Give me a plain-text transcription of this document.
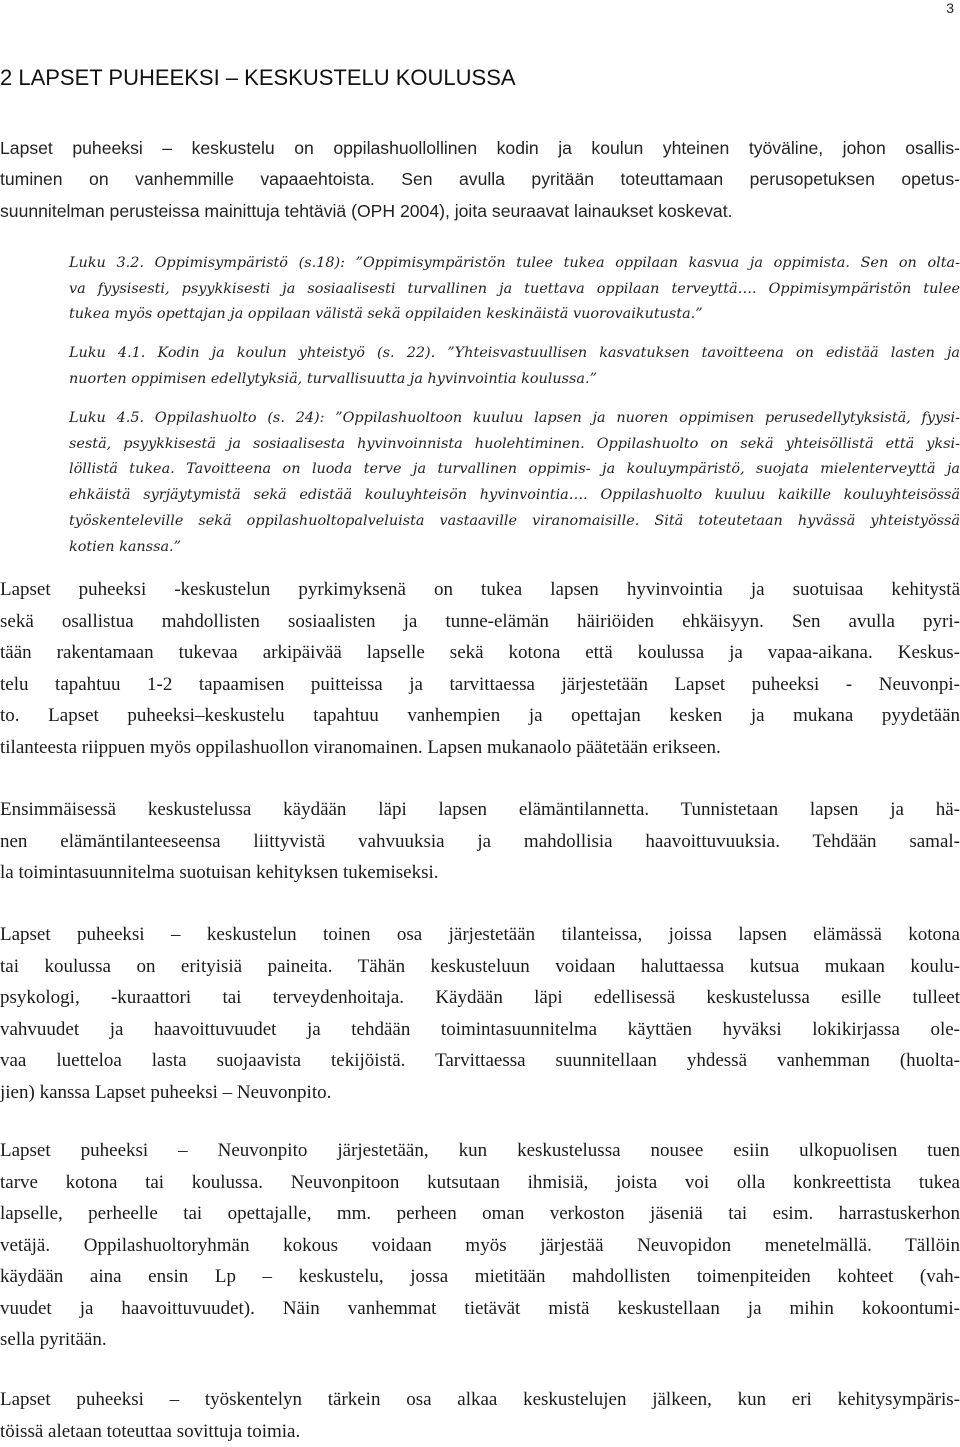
3
2 LAPSET PUHEEKSI – KESKUSTELU KOULUSSA
Lapset puheeksi – keskustelu on oppilashuollollinen kodin ja koulun yhteinen työväline, johon osallis-
tuminen on vanhemmille vapaaehtoista. Sen avulla pyritään toteuttamaan perusopetuksen opetus-
suunnitelman perusteissa mainittuja tehtäviä (OPH 2004), joita seuraavat lainaukset koskevat.
Luku 3.2. Oppimisympäristö (s.18): ”Oppimisympäristön tulee tukea oppilaan kasvua ja oppimista. Sen on olta-
va fyysisesti, psyykkisesti ja sosiaalisesti turvallinen ja tuettava oppilaan terveyttä…. Oppimisympäristön tulee
tukea myös opettajan ja oppilaan välistä sekä oppilaiden keskinäistä vuorovaikutusta.”
Luku 4.1. Kodin ja koulun yhteistyö (s. 22). ”Yhteisvastuullisen kasvatuksen tavoitteena on edistää lasten ja
nuorten oppimisen edellytyksiä, turvallisuutta ja hyvinvointia koulussa.”
Luku 4.5. Oppilashuolto (s. 24): ”Oppilashuoltoon kuuluu lapsen ja nuoren oppimisen perusedellytyksistä, fyysi-
sestä, psyykkisestä ja sosiaalisesta hyvinvoinnista huolehtiminen. Oppilashuolto on sekä yhteisöllistä että yksi-
löllistä tukea. Tavoitteena on luoda terve ja turvallinen oppimis- ja kouluympäristö, suojata mielenterveyttä ja
ehkäistä syrjäytymistä sekä edistää kouluyhteisön hyvinvointia…. Oppilashuolto kuuluu kaikille kouluyhteisössä
työskenteleville sekä oppilashuoltopalveluista vastaaville viranomaisille. Sitä toteutetaan hyvässä yhteistyössä
kotien kanssa.”
Lapset puheeksi -keskustelun pyrkimyksenä on tukea lapsen hyvinvointia ja suotuisaa kehitystä
sekä osallistua mahdollisten sosiaalisten ja tunne-elämän häiriöiden ehkäisyyn. Sen avulla pyri-
tään rakentamaan tukevaa arkipäivää lapselle sekä kotona että koulussa ja vapaa-aikana. Keskus-
telu tapahtuu 1-2 tapaamisen puitteissa ja tarvittaessa järjestetään Lapset puheeksi - Neuvonpi-
to. Lapset puheeksi–keskustelu tapahtuu vanhempien ja opettajan kesken ja mukana pyydetään
tilanteesta riippuen myös oppilashuollon viranomainen. Lapsen mukanaolo päätetään erikseen.
Ensimmäisessä keskustelussa käydään läpi lapsen elämäntilannetta. Tunnistetaan lapsen ja hä-
nen elämäntilanteeseensa liittyvistä vahvuuksia ja mahdollisia haavoittuvuuksia. Tehdään samal-
la toimintasuunnitelma suotuisan kehityksen tukemiseksi.
Lapset puheeksi – keskustelun toinen osa järjestetään tilanteissa, joissa lapsen elämässä kotona
tai koulussa on erityisiä paineita. Tähän keskusteluun voidaan haluttaessa kutsua mukaan koulu-
psykologi, -kuraattori tai terveydenhoitaja. Käydään läpi edellisessä keskustelussa esille tulleet
vahvuudet ja haavoittuvuudet ja tehdään toimintasuunnitelma käyttäen hyväksi lokikirjassa ole-
vaa luetteloa lasta suojaavista tekijöistä. Tarvittaessa suunnitellaan yhdessä vanhemman (huolta-
jien) kanssa Lapset puheeksi – Neuvonpito.
Lapset puheeksi – Neuvonpito järjestetään, kun keskustelussa nousee esiin ulkopuolisen tuen
tarve kotona tai koulussa. Neuvonpitoon kutsutaan ihmisiä, joista voi olla konkreettista tukea
lapselle, perheelle tai opettajalle, mm. perheen oman verkoston jäseniä tai esim. harrastuskerhon
vetäjä. Oppilashuoltoryhmän kokous voidaan myös järjestää Neuvopidon menetelmällä. Tällöin
käydään aina ensin Lp – keskustelu, jossa mietitään mahdollisten toimenpiteiden kohteet (vah-
vuudet ja haavoittuvuudet). Näin vanhemmat tietävät mistä keskustellaan ja mihin kokoontumi-
sella pyritään.
Lapset puheeksi – työskentelyn tärkein osa alkaa keskustelujen jälkeen, kun eri kehitysympäris-
töissä aletaan toteuttaa sovittuja toimia.
